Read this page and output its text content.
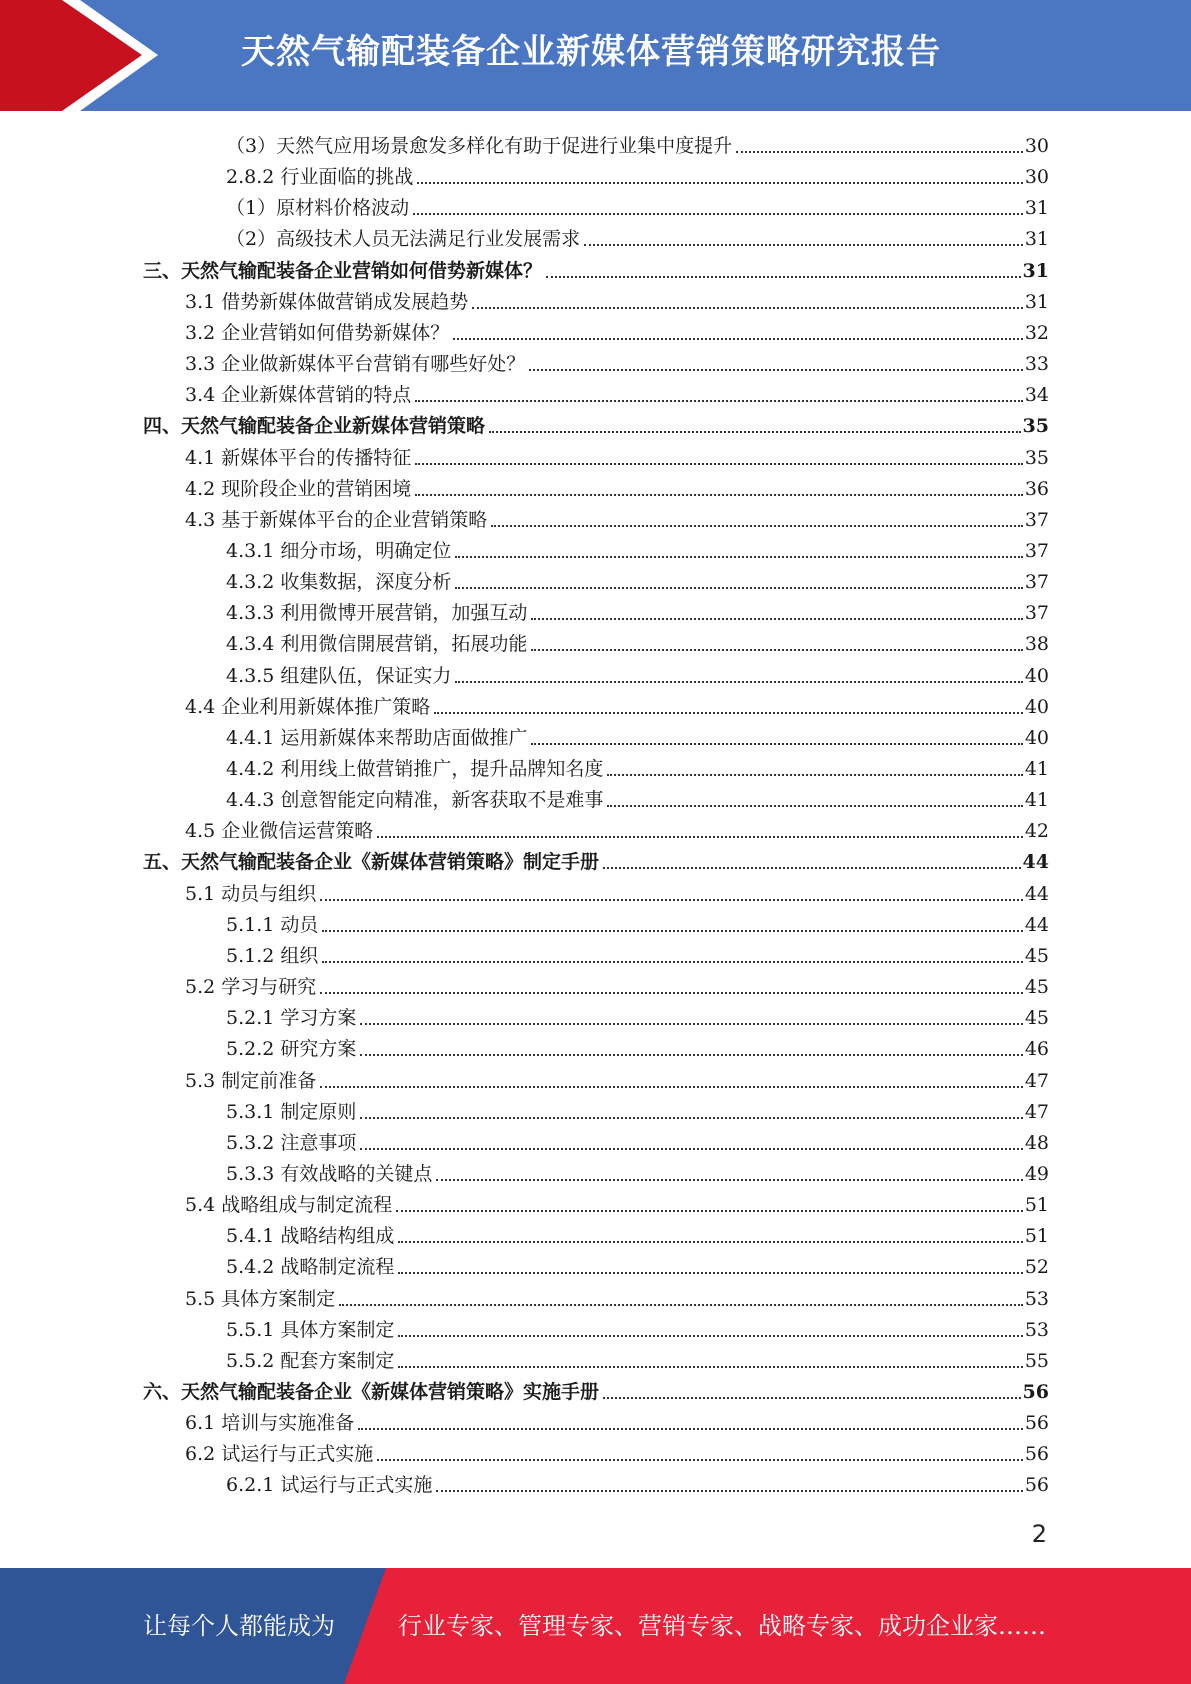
天然气输配装备企业新媒体营销策略研究报告
（3）天然气应用场景愈发多样化有助于促进行业集中度提升	30
2.8.2 行业面临的挑战	30
（1）原材料价格波动	31
（2）高级技术人员无法满足行业发展需求	31
三、天然气输配装备企业营销如何借势新媒体？	31
3.1 借势新媒体做营销成发展趋势	31
3.2 企业营销如何借势新媒体？	32
3.3 企业做新媒体平台营销有哪些好处？	33
3.4 企业新媒体营销的特点	34
四、天然气输配装备企业新媒体营销策略	35
4.1 新媒体平台的传播特征	35
4.2 现阶段企业的营销困境	36
4.3 基于新媒体平台的企业营销策略	37
4.3.1 细分市场，明确定位	37
4.3.2 收集数据，深度分析	37
4.3.3 利用微博开展营销，加强互动	37
4.3.4 利用微信開展营销，拓展功能	38
4.3.5 组建队伍，保证实力	40
4.4 企业利用新媒体推广策略	40
4.4.1 运用新媒体来帮助店面做推广	40
4.4.2 利用线上做营销推广，提升品牌知名度	41
4.4.3 创意智能定向精准，新客获取不是难事	41
4.5 企业微信运营策略	42
五、天然气输配装备企业《新媒体营销策略》制定手册	44
5.1 动员与组织	44
5.1.1 动员	44
5.1.2 组织	45
5.2 学习与研究	45
5.2.1 学习方案	45
5.2.2 研究方案	46
5.3 制定前准备	47
5.3.1 制定原则	47
5.3.2 注意事项	48
5.3.3 有效战略的关键点	49
5.4 战略组成与制定流程	51
5.4.1 战略结构组成	51
5.4.2 战略制定流程	52
5.5 具体方案制定	53
5.5.1 具体方案制定	53
5.5.2 配套方案制定	55
六、天然气输配装备企业《新媒体营销策略》实施手册	56
6.1 培训与实施准备	56
6.2 试运行与正式实施	56
6.2.1 试运行与正式实施	56
2
让每个人都能成为	行业专家、管理专家、营销专家、战略专家、成功企业家……
